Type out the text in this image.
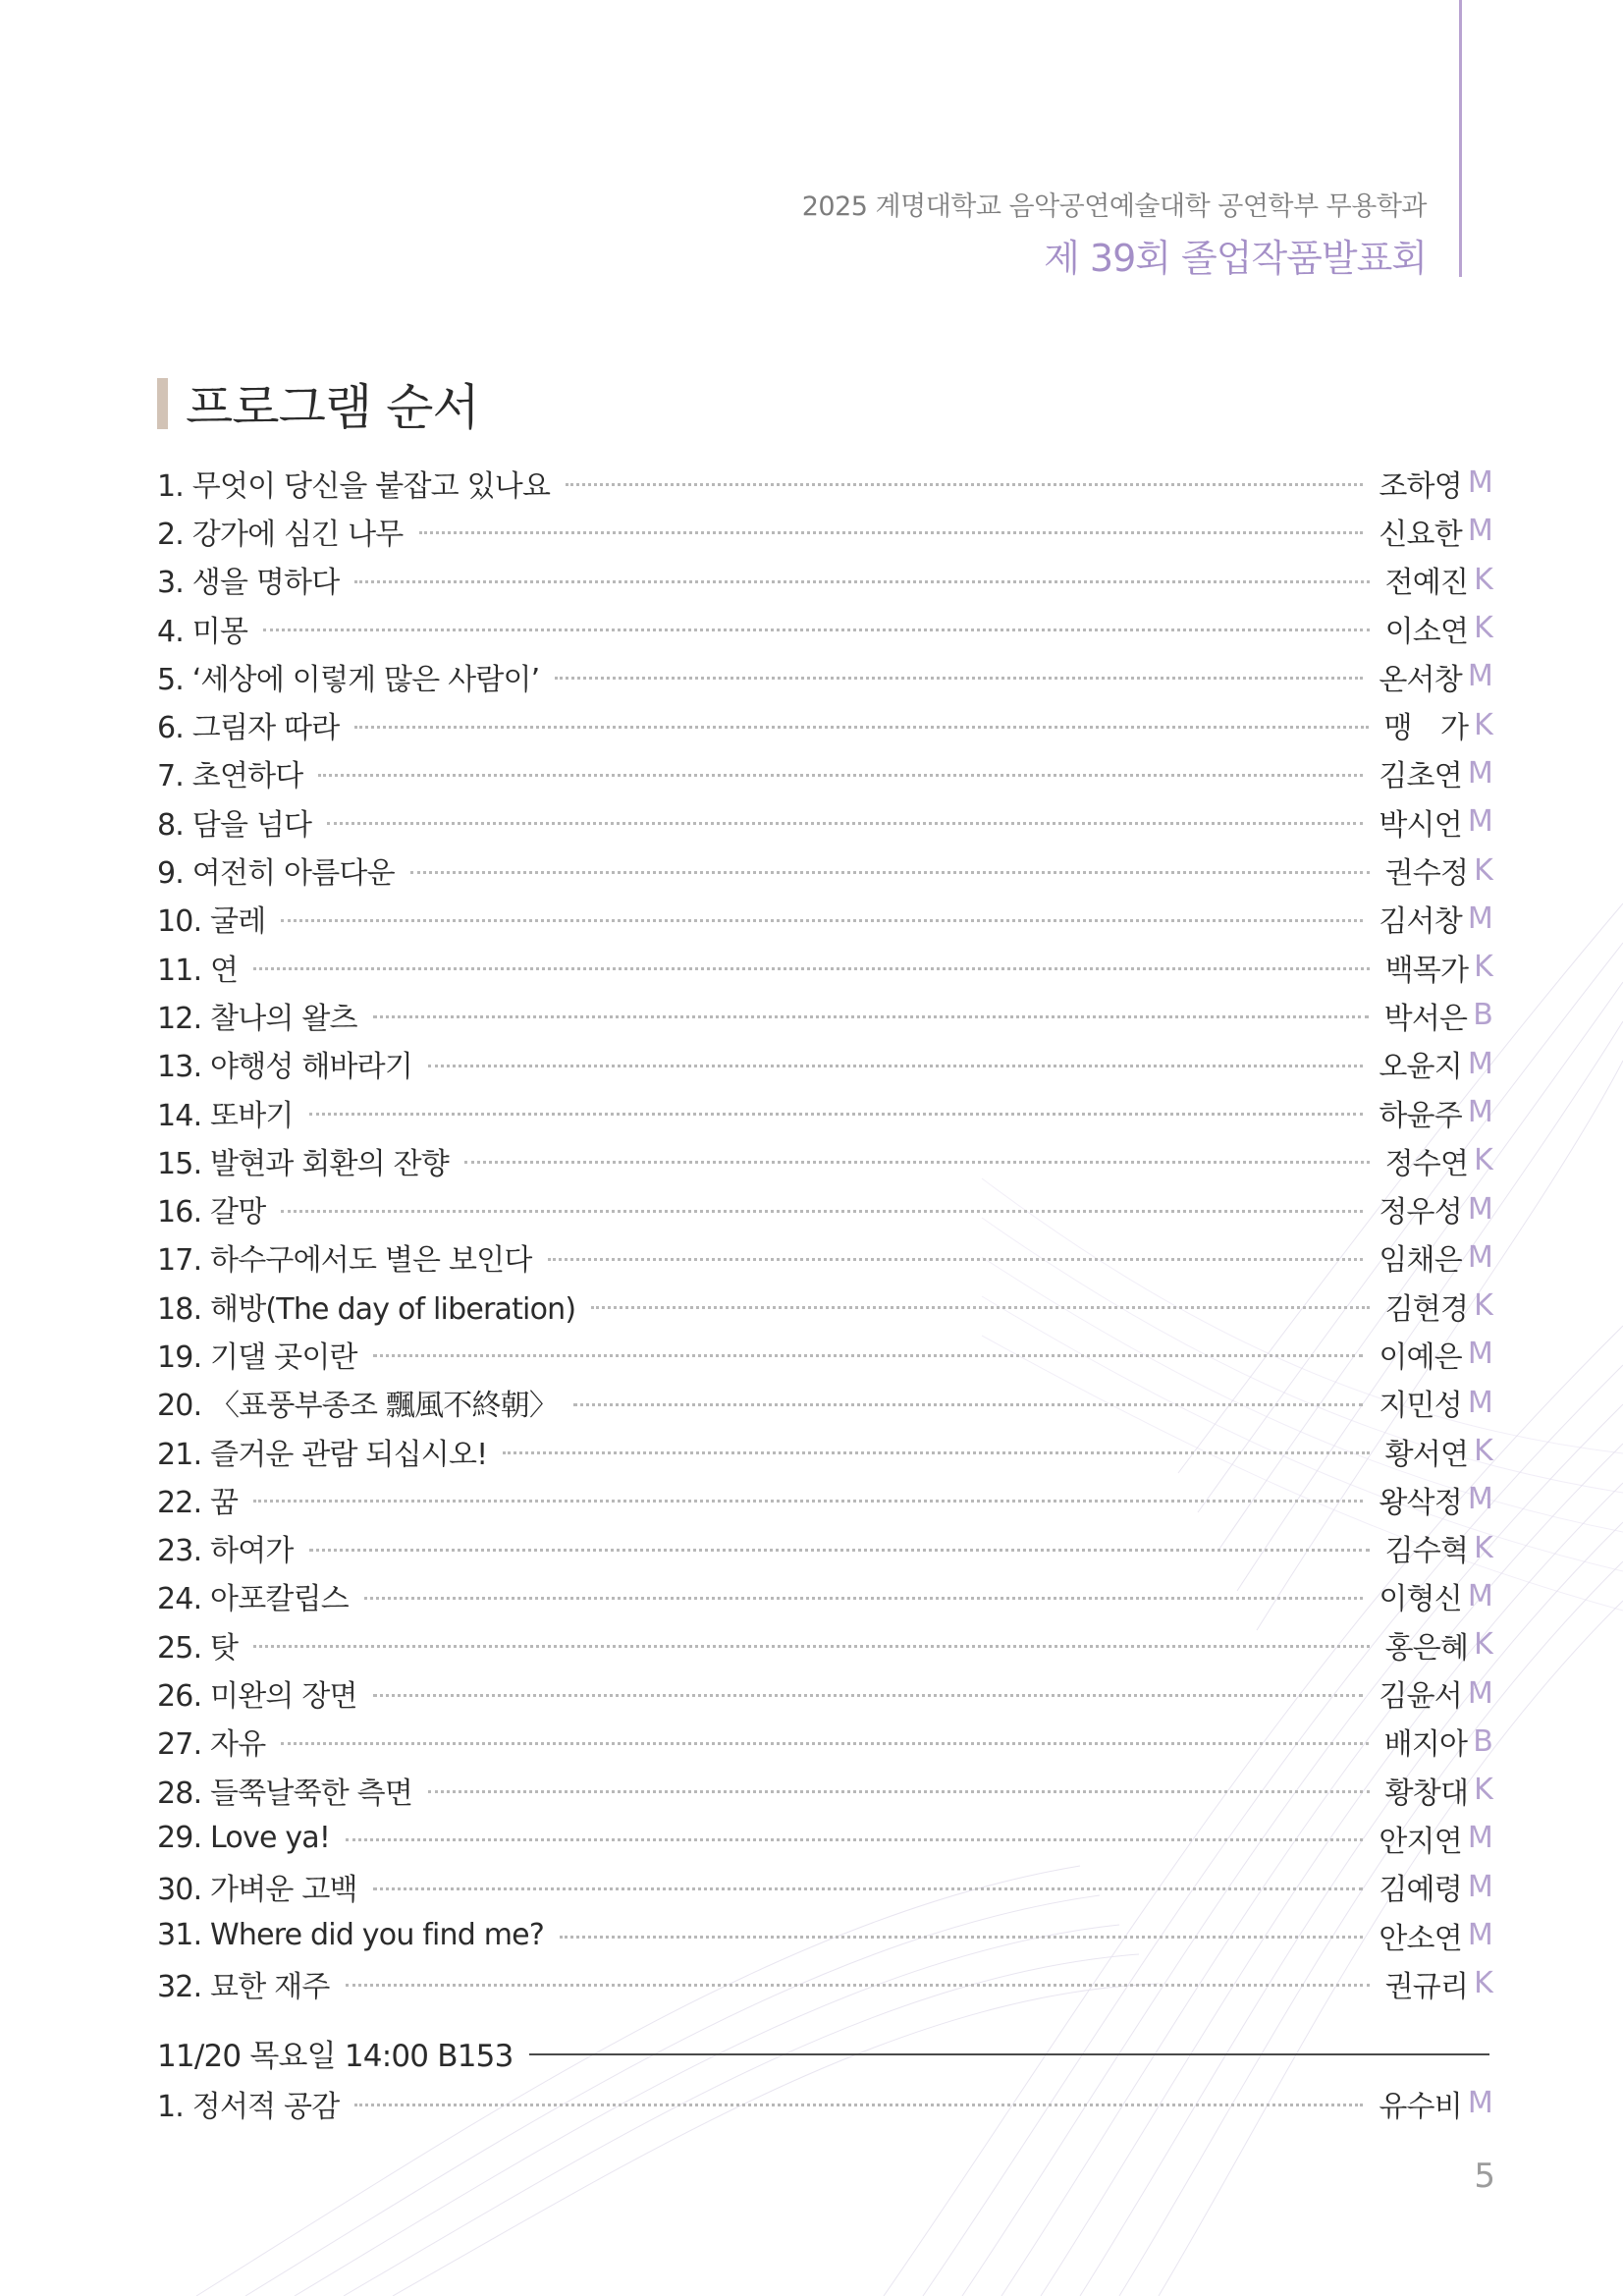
2025 계명대학교 음악공연예술대학 공연학부 무용학과
제 39회 졸업작품발표회
프로그램 순서
1. 무엇이 당신을 붙잡고 있나요	조하영 M
2. 강가에 심긴 나무	신요한 M
3. 생을 명하다	전예진 K
4. 미몽	이소연 K
5. ‘세상에 이렇게 많은 사람이’	온서창 M
6. 그림자 따라	맹　가 K
7. 초연하다	김초연 M
8. 담을 넘다	박시언 M
9. 여전히 아름다운	권수정 K
10. 굴레	김서창 M
11. 연	백목가 K
12. 찰나의 왈츠	박서은 B
13. 야행성 해바라기	오윤지 M
14. 또바기	하윤주 M
15. 발현과 회환의 잔향	정수연 K
16. 갈망	정우성 M
17. 하수구에서도 별은 보인다	임채은 M
18. 해방(The day of liberation)	김현경 K
19. 기댈 곳이란	이예은 M
20. 〈표풍부종조 飄風不終朝〉	지민성 M
21. 즐거운 관람 되십시오!	황서연 K
22. 꿈	왕삭정 M
23. 하여가	김수혁 K
24. 아포칼립스	이형신 M
25. 탓	홍은혜 K
26. 미완의 장면	김윤서 M
27. 자유	배지아 B
28. 들쭉날쭉한 측면	황창대 K
29. Love ya!	안지연 M
30. 가벼운 고백	김예령 M
31. Where did you find me?	안소연 M
32. 묘한 재주	권규리 K
11/20 목요일 14:00 B153
1. 정서적 공감	유수비 M
5
